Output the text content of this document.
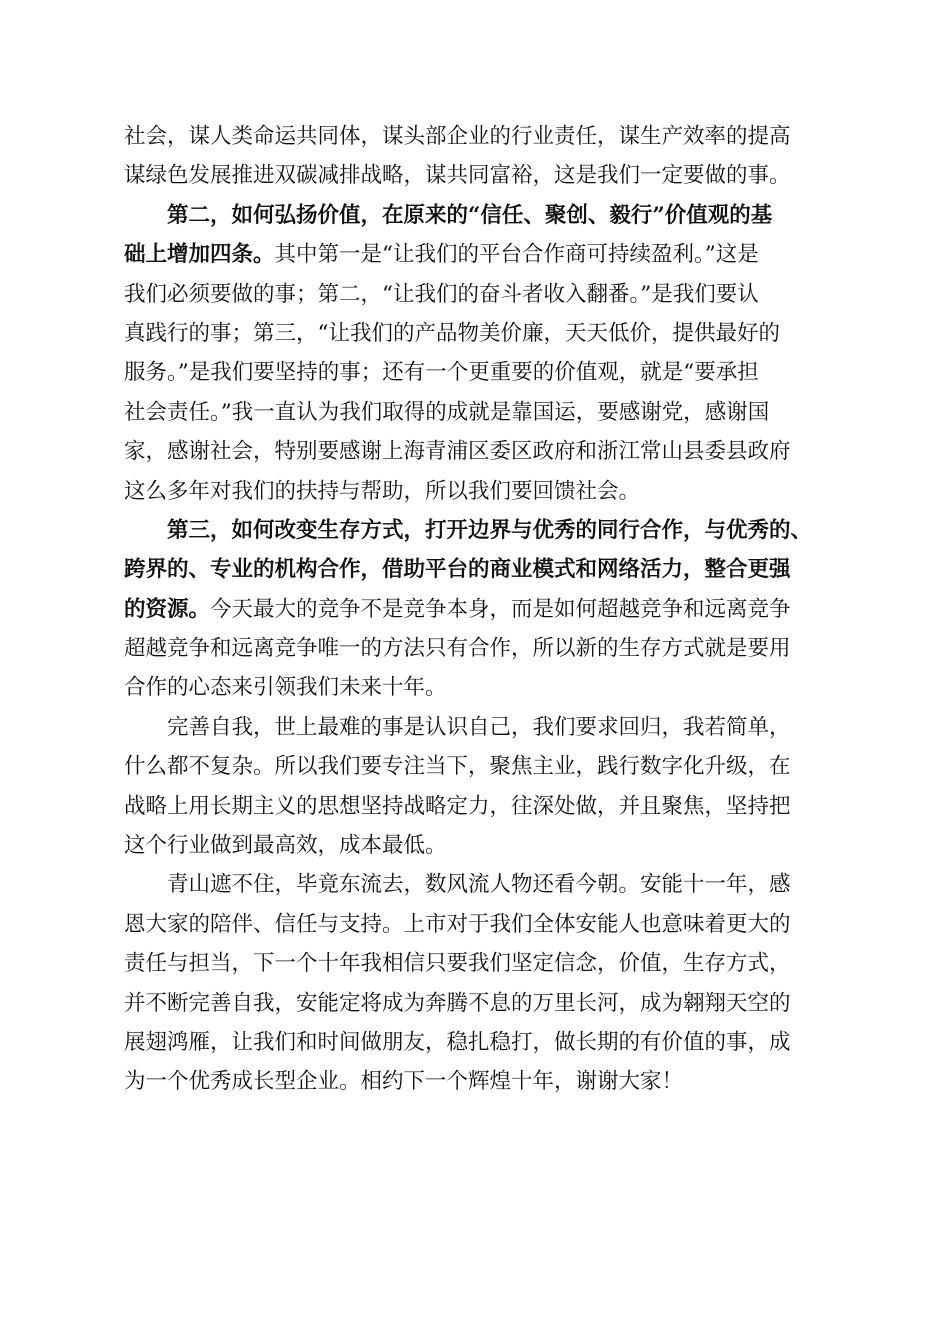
社会，谋人类命运共同体，谋头部企业的行业责任，谋生产效率的提高
谋绿色发展推进双碳减排战略，谋共同富裕，这是我们一定要做的事。
第二，如何弘扬价值，在原来的“信任、聚创、毅行”价值观的基
础上增加四条。其中第一是“让我们的平台合作商可持续盈利。”这是
我们必须要做的事；第二，“让我们的奋斗者收入翻番。”是我们要认
真践行的事；第三，“让我们的产品物美价廉，天天低价，提供最好的
服务。”是我们要坚持的事；还有一个更重要的价值观，就是“要承担
社会责任。”我一直认为我们取得的成就是靠国运，要感谢党，感谢国
家，感谢社会，特别要感谢上海青浦区委区政府和浙江常山县委县政府
这么多年对我们的扶持与帮助，所以我们要回馈社会。
第三，如何改变生存方式，打开边界与优秀的同行合作，与优秀的、
跨界的、专业的机构合作，借助平台的商业模式和网络活力，整合更强
的资源。今天最大的竞争不是竞争本身，而是如何超越竞争和远离竞争
超越竞争和远离竞争唯一的方法只有合作，所以新的生存方式就是要用
合作的心态来引领我们未来十年。
完善自我，世上最难的事是认识自己，我们要求回归，我若简单，
什么都不复杂。所以我们要专注当下，聚焦主业，践行数字化升级，在
战略上用长期主义的思想坚持战略定力，往深处做，并且聚焦，坚持把
这个行业做到最高效，成本最低。
青山遮不住，毕竟东流去，数风流人物还看今朝。安能十一年，感
恩大家的陪伴、信任与支持。上市对于我们全体安能人也意味着更大的
责任与担当，下一个十年我相信只要我们坚定信念，价值，生存方式，
并不断完善自我，安能定将成为奔腾不息的万里长河，成为翱翔天空的
展翅鸿雁，让我们和时间做朋友，稳扎稳打，做长期的有价值的事，成
为一个优秀成长型企业。相约下一个辉煌十年，谢谢大家！
